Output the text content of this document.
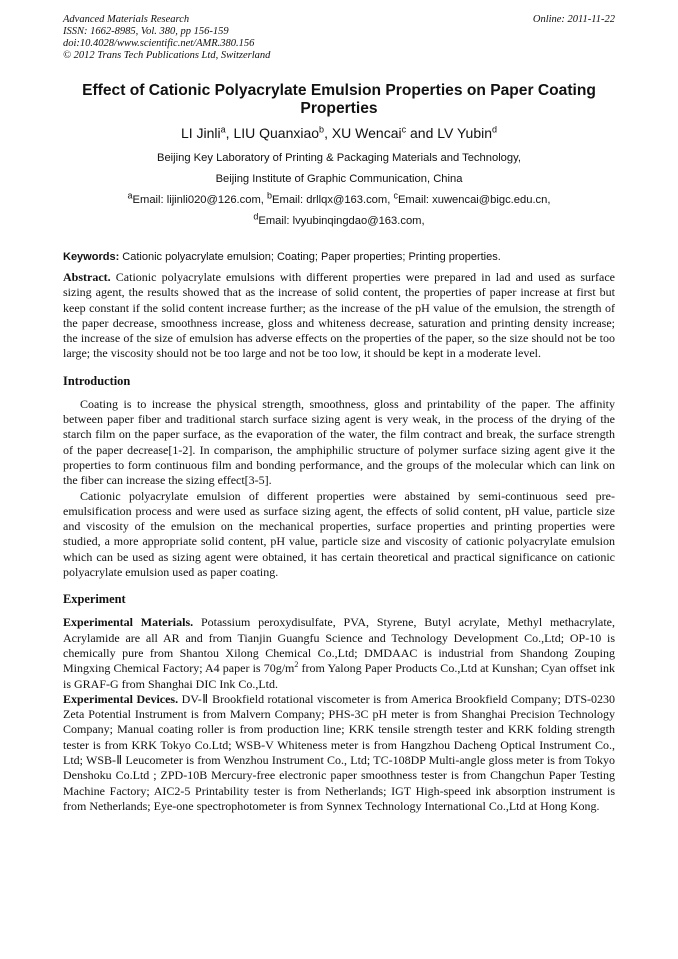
Advanced Materials Research
ISSN: 1662-8985, Vol. 380, pp 156-159
doi:10.4028/www.scientific.net/AMR.380.156
© 2012 Trans Tech Publications Ltd, Switzerland
Online: 2011-11-22
Effect of Cationic Polyacrylate Emulsion Properties on Paper Coating Properties
LI Jinli$^a$, LIU Quanxiao$^b$, XU Wencai$^c$ and LV Yubin$^d$
Beijing Key Laboratory of Printing & Packaging Materials and Technology,
Beijing Institute of Graphic Communication, China
$^a$Email: lijinli020@126.com, $^b$Email: drllqx@163.com, $^c$Email: xuwencai@bigc.edu.cn,
$^d$Email: lvyubinqingdao@163.com,
Keywords: Cationic polyacrylate emulsion; Coating; Paper properties; Printing properties.

Abstract. Cationic polyacrylate emulsions with different properties were prepared in lad and used as surface sizing agent, the results showed that as the increase of solid content, the properties of paper increase at first but keep constant if the solid content increase further; as the increase of the pH value of the emulsion, the strength of the paper decrease, smoothness increase, gloss and whiteness decrease, saturation and printing density increase; the increase of the size of emulsion has adverse effects on the properties of the paper, so the size should not be too large; the viscosity should not be too large and not be too low, it should be kept in a moderate level.

Introduction

Coating is to increase the physical strength, smoothness, gloss and printability of the paper. The affinity between paper fiber and traditional starch surface sizing agent is very weak, in the process of the drying of the starch film on the paper surface, as the evaporation of the water, the film contract and break, the surface strength of the paper decrease[1-2]. In comparison, the amphiphilic structure of polymer surface sizing agent give it the properties to form continuous film and bonding performance, and the groups of the molecular which can link on the fiber can increase the sizing effect[3-5].

Cationic polyacrylate emulsion of different properties were abstained by semi-continuous seed pre-emulsification process and were used as surface sizing agent, the effects of solid content, pH value, particle size and viscosity of the emulsion on the mechanical properties, surface properties and printing properties were studied, a more appropriate solid content, pH value, particle size and viscosity of cationic polyacrylate emulsion which can be used as sizing agent were obtained, it has certain theoretical and practical significance on cationic polyacrylate emulsion used as paper coating.

Experiment

Experimental Materials. Potassium peroxydisulfate, PVA, Styrene, Butyl acrylate, Methyl methacrylate, Acrylamide are all AR and from Tianjin Guangfu Science and Technology Development Co.,Ltd; OP-10 is chemically pure from Shantou Xilong Chemical Co.,Ltd; DMDAAC is industrial from Shandong Zouping Mingxing Chemical Factory; A4 paper is $70g/m^2$ from Yalong Paper Products Co.,Ltd at Kunshan; Cyan offset ink is GRAF-G from Shanghai DIC Ink Co.,Ltd.

Experimental Devices. DV-Ⅱ Brookfield rotational viscometer is from America Brookfield Company; DTS-0230 Zeta Potential Instrument is from Malvern Company; PHS-3C pH meter is from Shanghai Precision Technology Company; Manual coating roller is from production line; KRK tensile strength tester and KRK folding strength tester is from KRK Tokyo Co.Ltd; WSB-V Whiteness meter is from Hangzhou Dacheng Optical Instrument Co., Ltd; WSB-Ⅱ Leucometer is from Wenzhou Instrument Co., Ltd; TC-108DP Multi-angle gloss meter is from Tokyo Denshoku Co.Ltd ; ZPD-10B Mercury-free electronic paper smoothness tester is from Changchun Paper Testing Machine Factory; AIC2-5 Printability tester is from Netherlands; IGT High-speed ink absorption instrument is from Netherlands; Eye-one spectrophotometer is from Synnex Technology International Co.,Ltd at Hong Kong.
